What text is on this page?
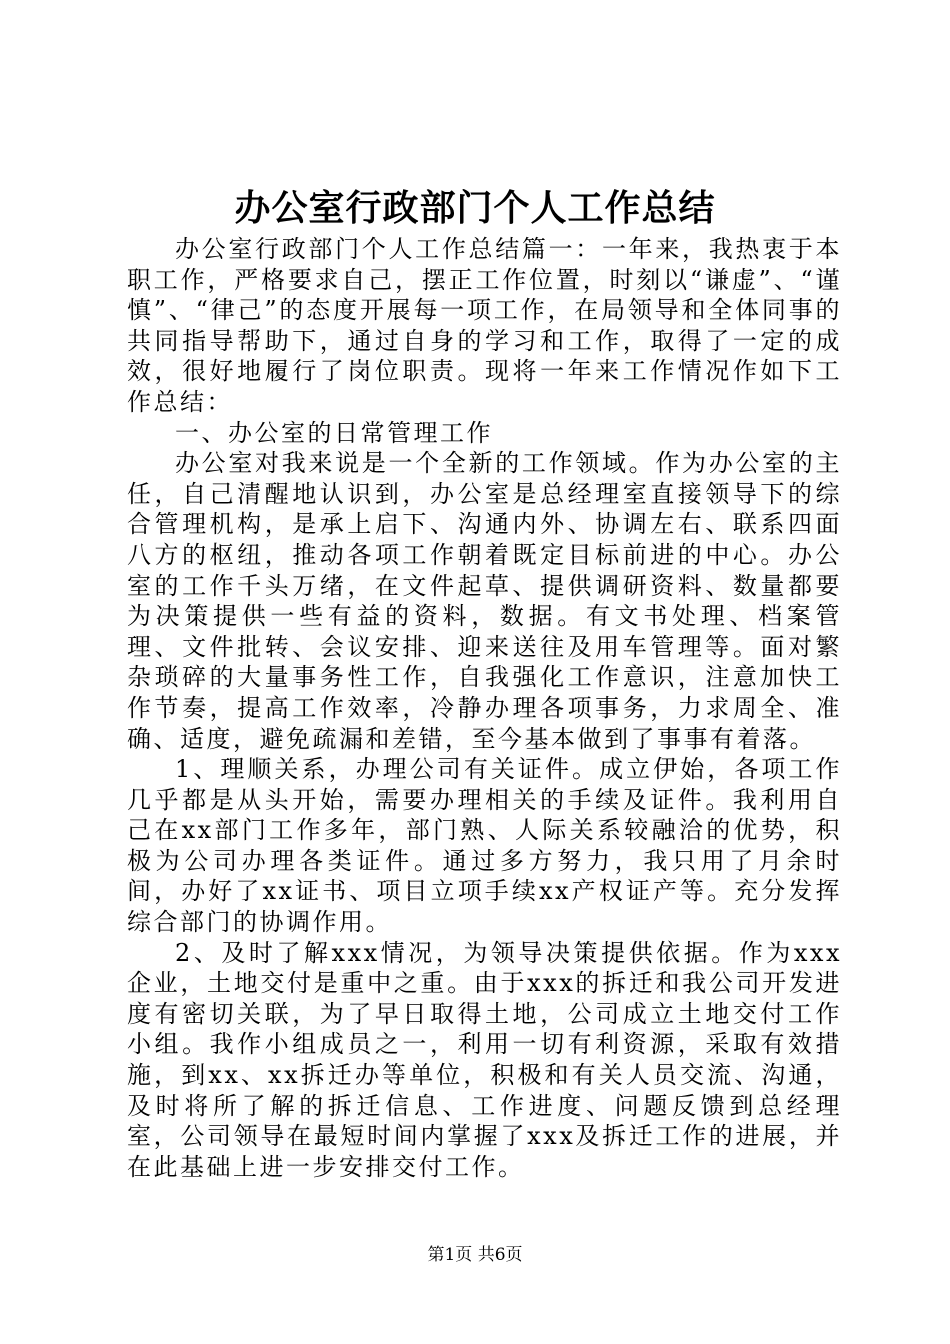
办公室行政部门个人工作总结

办公室行政部门个人工作总结篇一：一年来，我热衷于本职工作，严格要求自己，摆正工作位置，时刻以“谦虚”、“谨慎”、“律己”的态度开展每一项工作，在局领导和全体同事的共同指导帮助下，通过自身的学习和工作，取得了一定的成效，很好地履行了岗位职责。现将一年来工作情况作如下工作总结：

一、办公室的日常管理工作

办公室对我来说是一个全新的工作领域。作为办公室的主任，自己清醒地认识到，办公室是总经理室直接领导下的综合管理机构，是承上启下、沟通内外、协调左右、联系四面八方的枢纽，推动各项工作朝着既定目标前进的中心。办公室的工作千头万绪，在文件起草、提供调研资料、数量都要为决策提供一些有益的资料，数据。有文书处理、档案管理、文件批转、会议安排、迎来送往及用车管理等。面对繁杂琐碎的大量事务性工作，自我强化工作意识，注意加快工作节奏，提高工作效率，冷静办理各项事务，力求周全、准确、适度，避免疏漏和差错，至今基本做到了事事有着落。

1、理顺关系，办理公司有关证件。成立伊始，各项工作几乎都是从头开始，需要办理相关的手续及证件。我利用自己在xx部门工作多年，部门熟、人际关系较融洽的优势，积极为公司办理各类证件。通过多方努力，我只用了月余时间，办好了xx证书、项目立项手续xx产权证产等。充分发挥综合部门的协调作用。

2、及时了解xxx情况，为领导决策提供依据。作为xxx企业，土地交付是重中之重。由于xxx的拆迁和我公司开发进度有密切关联，为了早日取得土地，公司成立土地交付工作小组。我作小组成员之一，利用一切有利资源，采取有效措施，到xx、xx拆迁办等单位，积极和有关人员交流、沟通，及时将所了解的拆迁信息、工作进度、问题反馈到总经理室，公司领导在最短时间内掌握了xxx及拆迁工作的进展，并在此基础上进一步安排交付工作。

第1页 共6页
